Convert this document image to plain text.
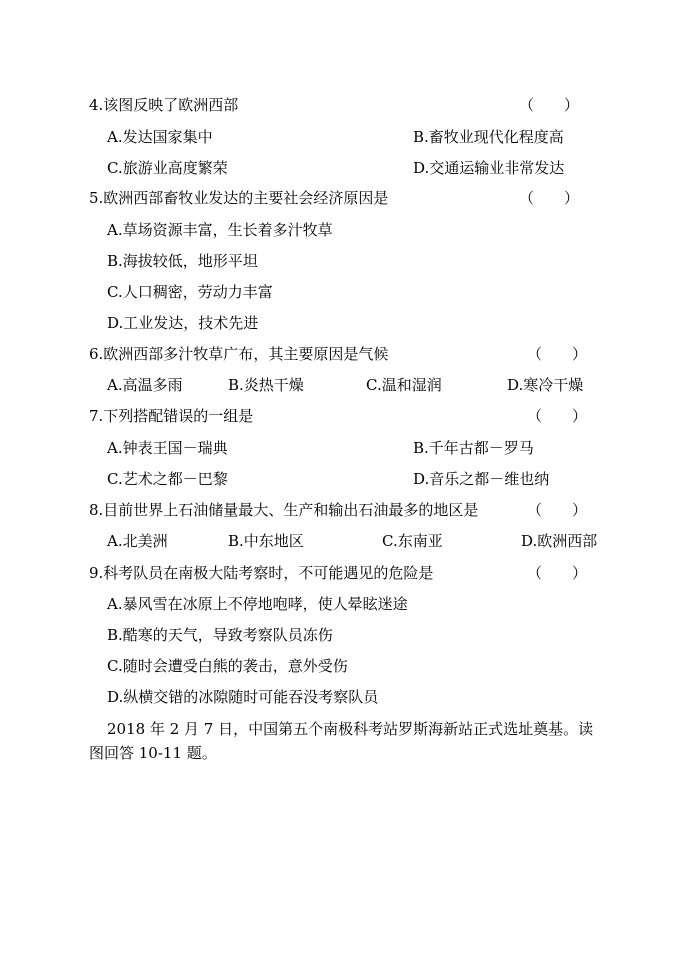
4.该图反映了欧洲西部	（　　）
A.发达国家集中	B.畜牧业现代化程度高
C.旅游业高度繁荣	D.交通运输业非常发达
5.欧洲西部畜牧业发达的主要社会经济原因是	（　　）
A.草场资源丰富，生长着多汁牧草
B.海拔较低，地形平坦
C.人口稠密，劳动力丰富
D.工业发达，技术先进
6.欧洲西部多汁牧草广布，其主要原因是气候	（　　）
A.高温多雨	B.炎热干燥	C.温和湿润	D.寒冷干燥
7.下列搭配错误的一组是	（　　）
A.钟表王国－瑞典	B.千年古都－罗马
C.艺术之都－巴黎	D.音乐之都－维也纳
8.目前世界上石油储量最大、生产和输出石油最多的地区是	（　　）
A.北美洲	B.中东地区	C.东南亚	D.欧洲西部
9.科考队员在南极大陆考察时，不可能遇见的危险是	（　　）
A.暴风雪在冰原上不停地咆哮，使人晕眩迷途
B.酷寒的天气，导致考察队员冻伤
C.随时会遭受白熊的袭击，意外受伤
D.纵横交错的冰隙随时可能吞没考察队员
2018 年 2 月 7 日，中国第五个南极科考站罗斯海新站正式选址奠基。读
图回答 10-11 题。
